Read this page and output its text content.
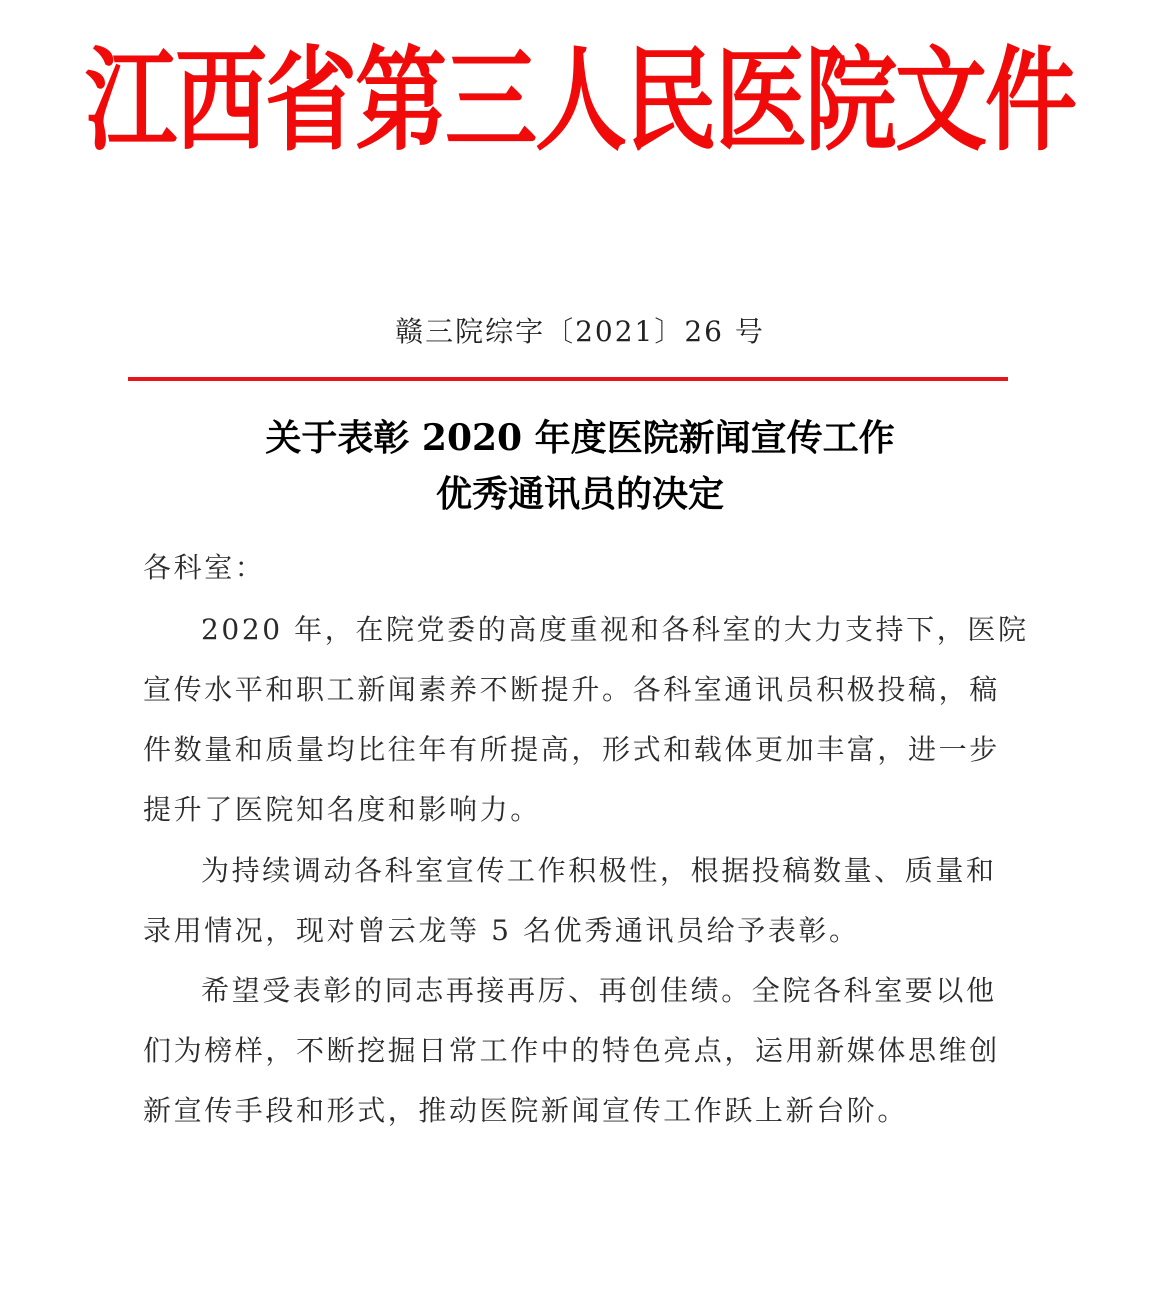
江西省第三人民医院文件
赣三院综字〔2021〕26 号
关于表彰 2020 年度医院新闻宣传工作
优秀通讯员的决定
各科室：
2020 年，在院党委的高度重视和各科室的大力支持下，医院
宣传水平和职工新闻素养不断提升。各科室通讯员积极投稿，稿
件数量和质量均比往年有所提高，形式和载体更加丰富，进一步
提升了医院知名度和影响力。
为持续调动各科室宣传工作积极性，根据投稿数量、质量和
录用情况，现对曾云龙等 5 名优秀通讯员给予表彰。
希望受表彰的同志再接再厉、再创佳绩。全院各科室要以他
们为榜样，不断挖掘日常工作中的特色亮点，运用新媒体思维创
新宣传手段和形式，推动医院新闻宣传工作跃上新台阶。
